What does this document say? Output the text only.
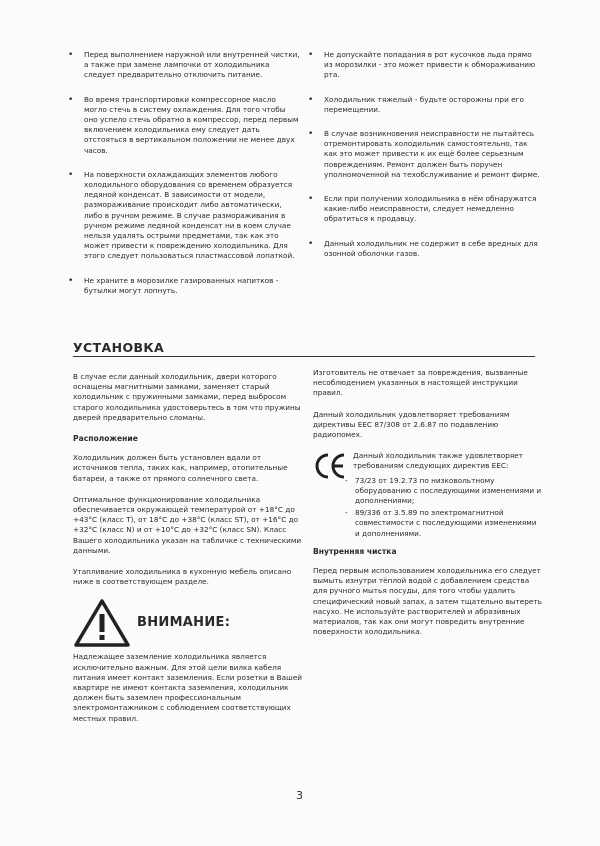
• Перед выполнением наружной или внутренней чистки, а также при замене лампочки от холодильника следует предварительно отключить питание.
• Во время транспортировки компрессорное масло могло стечь в систему охлаждения. Для того чтобы оно успело стечь обратно в компрессор, перед первым включением холодильника ему следует дать отстояться в вертикальном положении не менее двух часов.
• На поверхности охлаждающих элементов любого холодильного оборудования со временем образуется ледяной конденсат. В зависимости от модели, размораживание происходит либо автоматически, либо в ручном режиме. В случае размораживания в ручном режиме ледяной конденсат ни в коем случае нельзя удалять острыми предметами, так как это может привести к повреждению холодильника. Для этого следует пользоваться пластмассовой лопаткой.
• Не храните в морозилке газированных напитков - бутылки могут лопнуть.
• Не допускайте попадания в рот кусочков льда прямо из морозилки - это может привести к обмораживанию рта.
• Холодильник тяжелый - будьте осторожны при его перемещении.
• В случае возникновения неисправности не пытайтесь отремонтировать холодильник самостоятельно, так как это может привести к их ещё более серьезным повреждениям. Ремонт должен быть поручен уполномоченной на техобслуживание и ремонт фирме.
• Если при получении холодильника в нём обнаружатся какие-либо неисправности, следует немедленно обратиться к продавцу.
• Данный холодильник не содержит в себе вредных для озонной оболочки газов.
УСТАНОВКА
В случае если данный холодильник, двери которого оснащены магнитными замками, заменяет старый холодильник с пружинными замками, перед выбросом старого холодильника удостоверьтесь в том что пружины дверей предварительно сломаны.
Расположение
Холодильник должен быть установлен вдали от источников тепла, таких как, например, отопительные батареи, а также от прямого солнечного света.
Оптимальное функционирование холодильника обеспечивается окружающей температурой от +18°C до +43°C (класс T), от 18°C до +38°C (класс ST), от +16°C до +32°C (класс N) и от +10°C до +32°C (класс SN). Класс Вашего холодильника указан на табличке с техническими данными.
Утапливание холодильника в кухонную мебель описано ниже в соответствующем разделе.
ВНИМАНИЕ:
Надлежащее заземление холодильника является исключительно важным. Для этой цели вилка кабеля питания имеет контакт заземления. Если розетки в Вашей квартире не имеют контакта заземления, холодильник должен быть заземлен профессиональным электромонтажником с соблюдением соответствующих местных правил.
Изготовитель не отвечает за повреждения, вызванные несоблюдением указанных в настоящей инструкции правил.
Данный холодильник удовлетворяет требованиям директивы EEC 87/308 от 2.6.87 по подавлению радиопомех.
Данный холодильник также удовлетворяет требованиям следующих директив EEC:
-	73/23 от 19.2.73 по низковольтному оборудованию с последующими изменениями и дополнениями;
-	89/336 от 3.5.89 по электромагнитной совместимости с последующими изменениями и дополнениями.
Внутренняя чистка
Перед первым использованием холодильника его следует вымыть изнутри тёплой водой с добавлением средства для ручного мытья посуды, для того чтобы удалить специфический новый запах, а затем тщательно вытереть насухо. Не используйте растворителей и абразивных материалов, так как они могут повредить внутренние поверхности холодильника.
3
